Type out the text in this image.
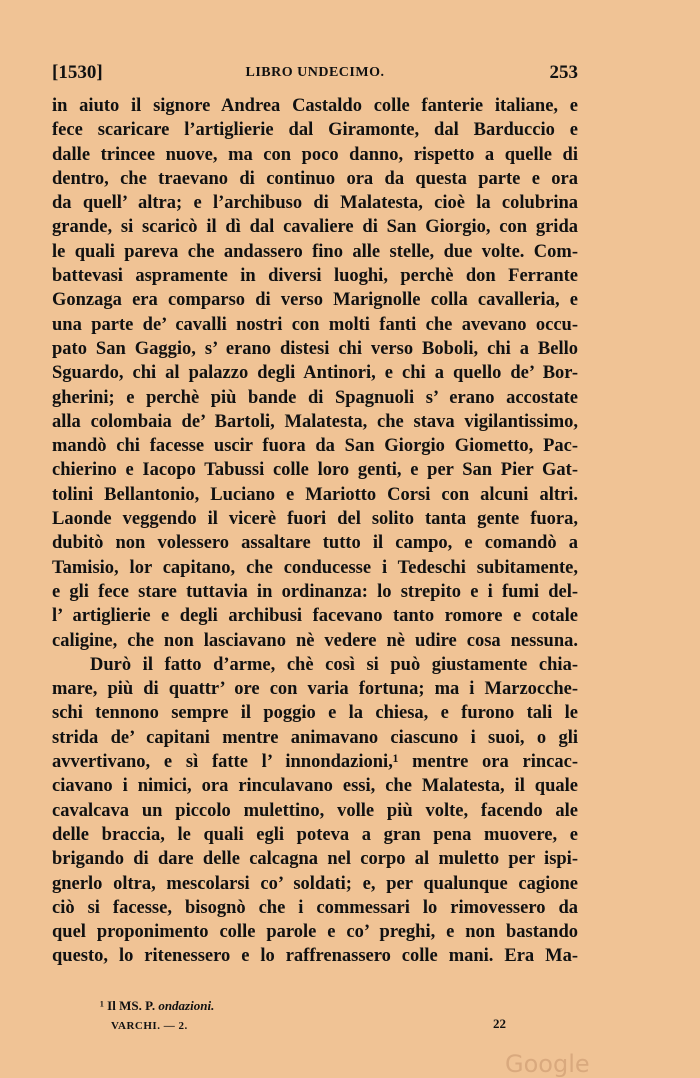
[1530]	LIBRO UNDECIMO.	253
in aiuto il signore Andrea Castaldo colle fanterie italiane, e
fece scaricare l’artiglierie dal Giramonte, dal Barduccio e
dalle trincee nuove, ma con poco danno, rispetto a quelle di
dentro, che traevano di continuo ora da questa parte e ora
da quell’ altra; e l’archibuso di Malatesta, cioè la colubrina
grande, si scaricò il dì dal cavaliere di San Giorgio, con grida
le quali pareva che andassero fino alle stelle, due volte. Com-
battevasi aspramente in diversi luoghi, perchè don Ferrante
Gonzaga era comparso di verso Marignolle colla cavalleria, e
una parte de’ cavalli nostri con molti fanti che avevano occu-
pato San Gaggio, s’ erano distesi chi verso Boboli, chi a Bello
Sguardo, chi al palazzo degli Antinori, e chi a quello de’ Bor-
gherini; e perchè più bande di Spagnuoli s’ erano accostate
alla colombaia de’ Bartoli, Malatesta, che stava vigilantissimo,
mandò chi facesse uscir fuora da San Giorgio Giometto, Pac-
chierino e Iacopo Tabussi colle loro genti, e per San Pier Gat-
tolini Bellantonio, Luciano e Mariotto Corsi con alcuni altri.
Laonde veggendo il vicerè fuori del solito tanta gente fuora,
dubitò non volessero assaltare tutto il campo, e comandò a
Tamisio, lor capitano, che conducesse i Tedeschi subitamente,
e gli fece stare tuttavia in ordinanza: lo strepito e i fumi del-
l’ artiglierie e degli archibusi facevano tanto romore e cotale
caligine, che non lasciavano nè vedere nè udire cosa nessuna.
Durò il fatto d’arme, chè così si può giustamente chia-
mare, più di quattr’ ore con varia fortuna; ma i Marzocche-
schi tennono sempre il poggio e la chiesa, e furono tali le
strida de’ capitani mentre animavano ciascuno i suoi, o gli
avvertivano, e sì fatte l’ innondazioni,¹ mentre ora rincac-
ciavano i nimici, ora rinculavano essi, che Malatesta, il quale
cavalcava un piccolo mulettino, volle più volte, facendo ale
delle braccia, le quali egli poteva a gran pena muovere, e
brigando di dare delle calcagna nel corpo al muletto per ispi-
gnerlo oltra, mescolarsi co’ soldati; e, per qualunque cagione
ciò si facesse, bisognò che i commessari lo rimovessero da
quel proponimento colle parole e co’ preghi, e non bastando
questo, lo ritenessero e lo raffrenassero colle mani. Era Ma-
¹ Il MS. P. ondazioni.
VARCHI. — 2.	22
Google
